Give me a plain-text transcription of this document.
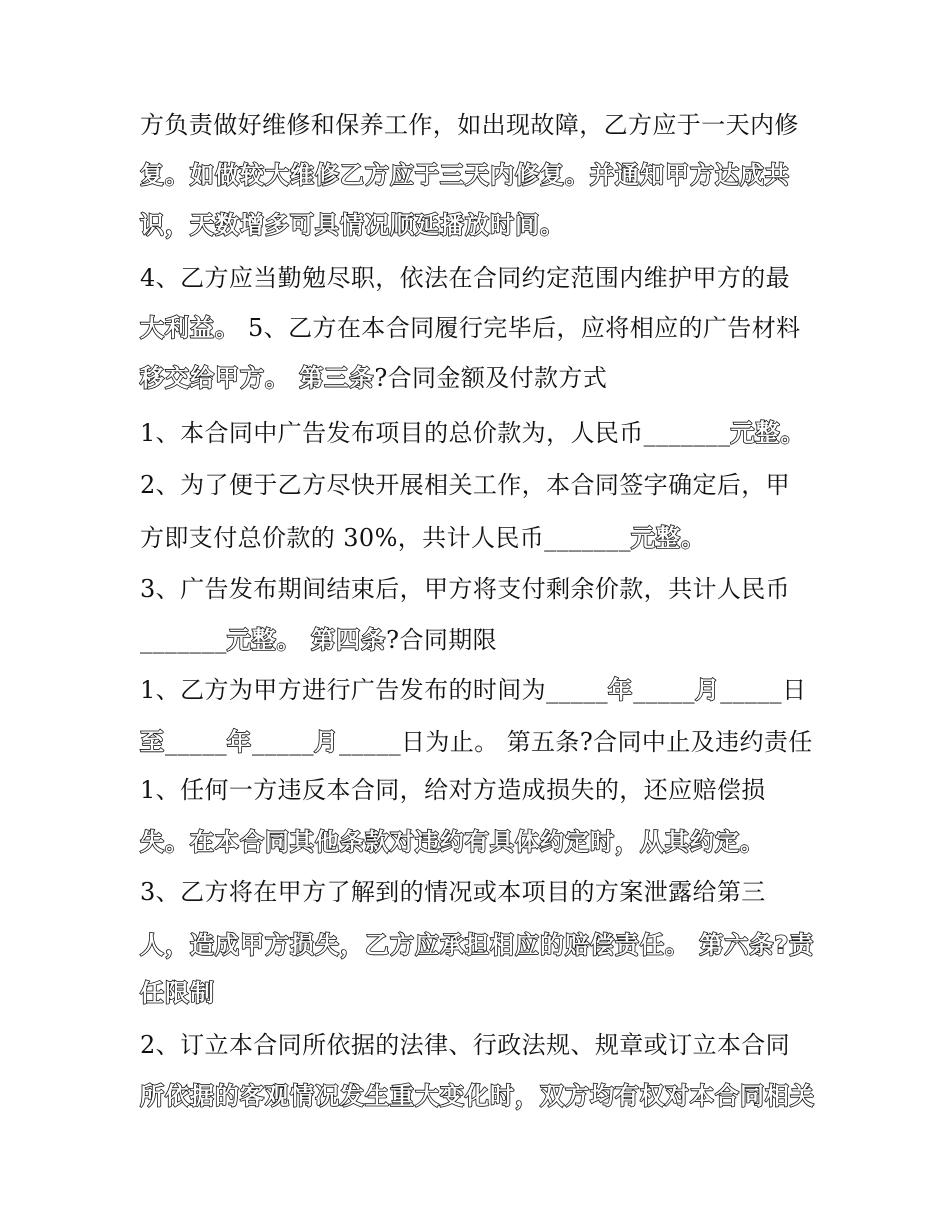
方负责做好维修和保养工作，如出现故障，乙方应于一天内修
复。如做较大维修乙方应于三天内修复。并通知甲方达成共
识，天数增多可具情况顺延播放时间。
4、乙方应当勤勉尽职，依法在合同约定范围内维护甲方的最
大利益。 5、乙方在本合同履行完毕后，应将相应的广告材料
移交给甲方。 第三条?合同金额及付款方式
1、本合同中广告发布项目的总价款为，人民币_______元整。
2、为了便于乙方尽快开展相关工作，本合同签字确定后，甲
方即支付总价款的 30%，共计人民币_______元整。
3、广告发布期间结束后，甲方将支付剩余价款，共计人民币
_______元整。 第四条?合同期限
1、乙方为甲方进行广告发布的时间为_____年_____月_____日
至_____年_____月_____日为止。 第五条?合同中止及违约责任
1、任何一方违反本合同，给对方造成损失的，还应赔偿损
失。在本合同其他条款对违约有具体约定时，从其约定。
3、乙方将在甲方了解到的情况或本项目的方案泄露给第三
人，造成甲方损失，乙方应承担相应的赔偿责任。 第六条?责
任限制
2、订立本合同所依据的法律、行政法规、规章或订立本合同
所依据的客观情况发生重大变化时，双方均有权对本合同相关
